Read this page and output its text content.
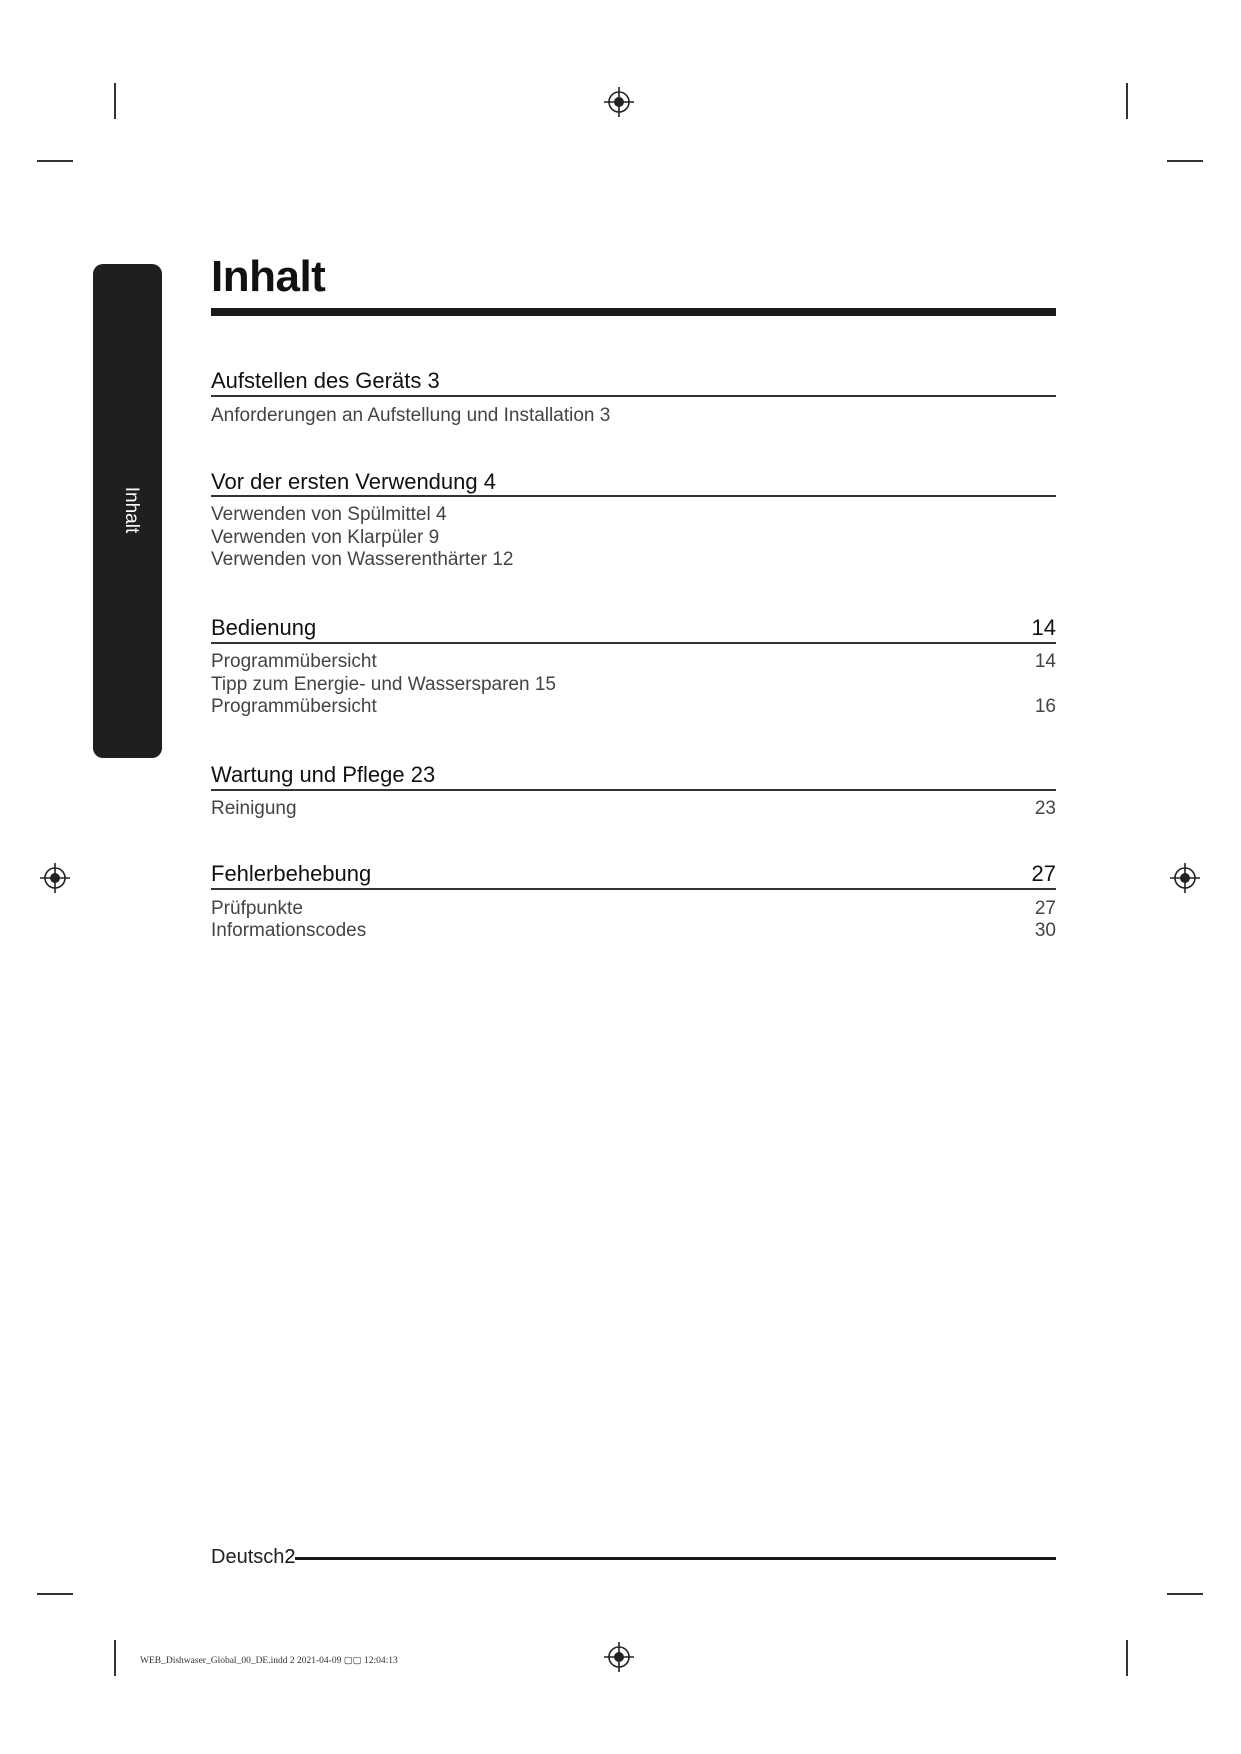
Inhalt
Inhalt
Aufstellen des Geräts 3
Anforderungen an Aufstellung und Installation 3
Vor der ersten Verwendung 4
Verwenden von Spülmittel 4
Verwenden von Klarpüler 9
Verwenden von Wasserenthärter 12
Bedienung	14
Programmübersicht	14
Tipp zum Energie- und Wassersparen 15
Programmübersicht	16
Wartung und Pflege 23
Reinigung	23
Fehlerbehebung	27
Prüfpunkte	27
Informationscodes	30
Deutsch2
WEB_Dishwaser_Global_00_DE.indd 2 2021-04-09 ▢▢ 12:04:13
